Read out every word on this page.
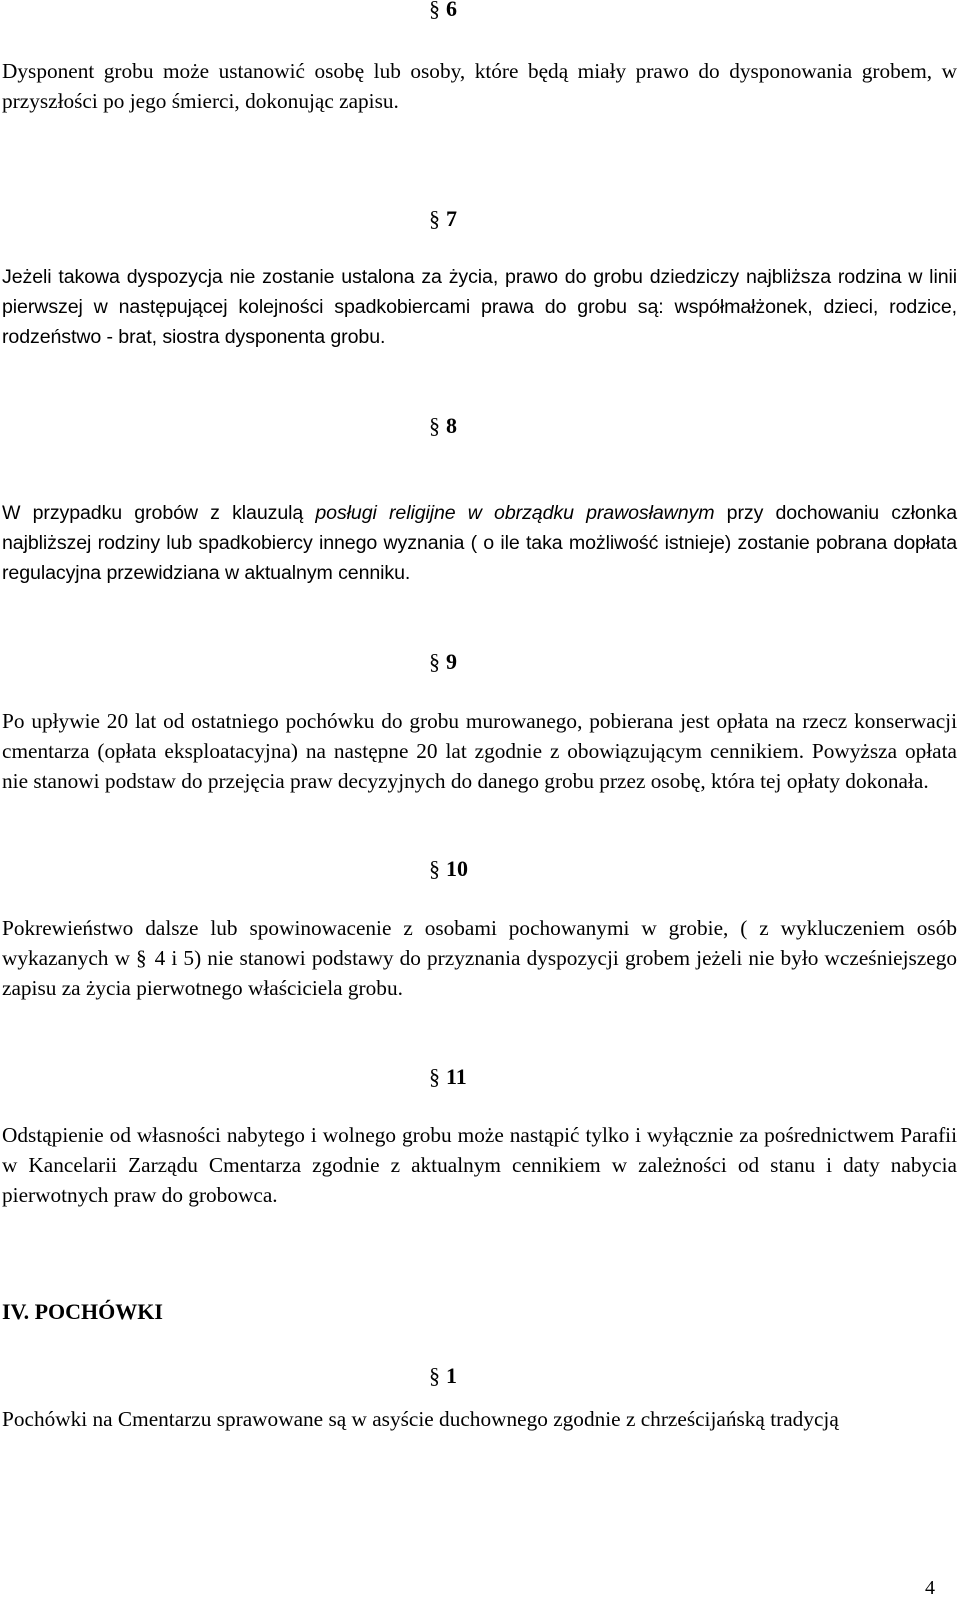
§ 6

Dysponent grobu może ustanowić osobę lub osoby, które będą miały prawo do dysponowania grobem, w przyszłości po jego śmierci, dokonując zapisu.

§ 7

Jeżeli takowa dyspozycja nie zostanie ustalona za życia, prawo do grobu dziedziczy najbliższa rodzina w linii pierwszej w następującej kolejności spadkobiercami prawa do grobu są: współmałżonek, dzieci, rodzice, rodzeństwo - brat, siostra dysponenta grobu.

§ 8

W przypadku grobów z klauzulą posługi religijne w obrządku prawosławnym przy dochowaniu członka najbliższej rodziny lub spadkobiercy innego wyznania ( o ile taka możliwość istnieje) zostanie pobrana dopłata regulacyjna przewidziana w aktualnym cenniku.

§ 9

Po upływie 20 lat od ostatniego pochówku do grobu murowanego, pobierana jest opłata na rzecz konserwacji cmentarza (opłata eksploatacyjna) na następne 20 lat zgodnie z obowiązującym cennikiem. Powyższa opłata nie stanowi podstaw do przejęcia praw decyzyjnych do danego grobu przez osobę, która tej opłaty dokonała.

§ 10

Pokrewieństwo dalsze lub spowinowacenie z osobami pochowanymi w grobie, ( z wykluczeniem osób wykazanych w § 4 i 5) nie stanowi podstawy do przyznania dyspozycji grobem jeżeli nie było wcześniejszego zapisu za życia pierwotnego właściciela grobu.

§ 11

Odstąpienie od własności nabytego i wolnego grobu może nastąpić tylko i wyłącznie za pośrednictwem Parafii w Kancelarii Zarządu Cmentarza zgodnie z aktualnym cennikiem w zależności od stanu i daty nabycia pierwotnych praw do grobowca.

IV. POCHÓWKI
§ 1

Pochówki na Cmentarzu sprawowane są w asyście duchownego zgodnie z chrześcijańską tradycją

4
